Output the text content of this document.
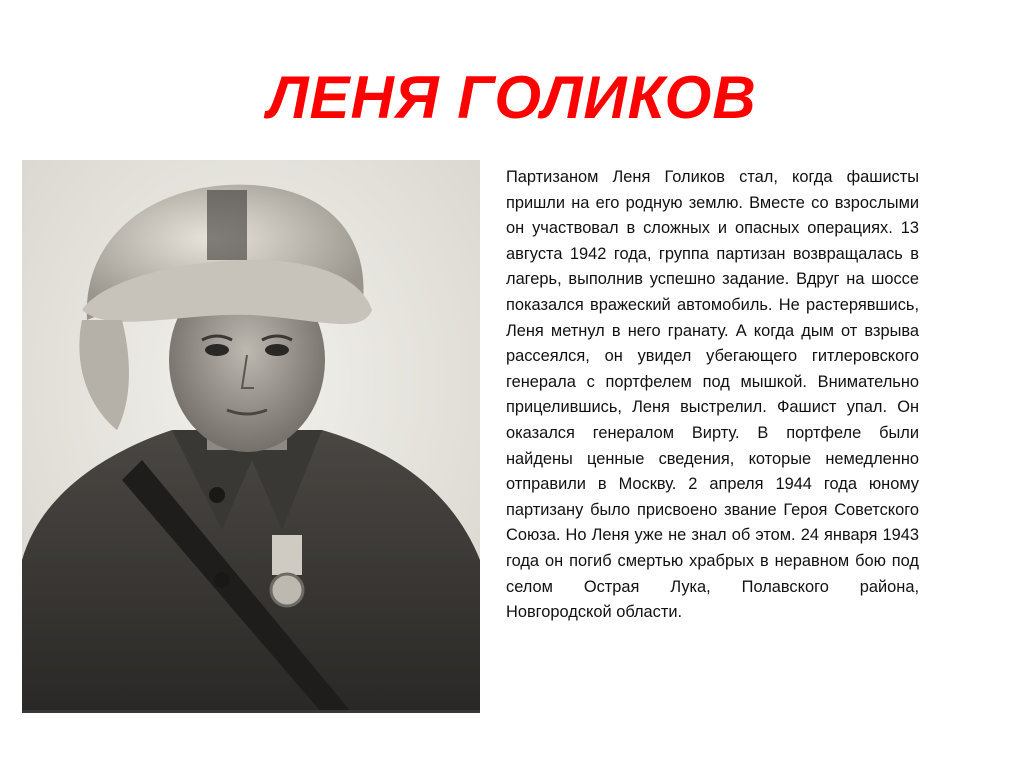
ЛЕНЯ ГОЛИКОВ

Партизаном Леня Голиков стал, когда фашисты пришли на его родную землю. Вместе со взрослыми он участвовал в сложных и опасных операциях. 13 августа 1942 года, группа партизан возвращалась в лагерь, выполнив успешно задание. Вдруг на шоссе показался вражеский автомобиль. Не растерявшись, Леня метнул в него гранату. А когда дым от взрыва рассеялся, он увидел убегающего гитлеровского генерала с портфелем под мышкой. Внимательно прицелившись, Леня выстрелил. Фашист упал. Он оказался генералом Вирту. В портфеле были найдены ценные сведения, которые немедленно отправили в Москву. 2 апреля 1944 года юному партизану было присвоено звание Героя Советского Союза. Но Леня уже не знал об этом. 24 января 1943 года он погиб смертью храбрых в неравном бою под селом Острая Лука, Полавского района, Новгородской области.
